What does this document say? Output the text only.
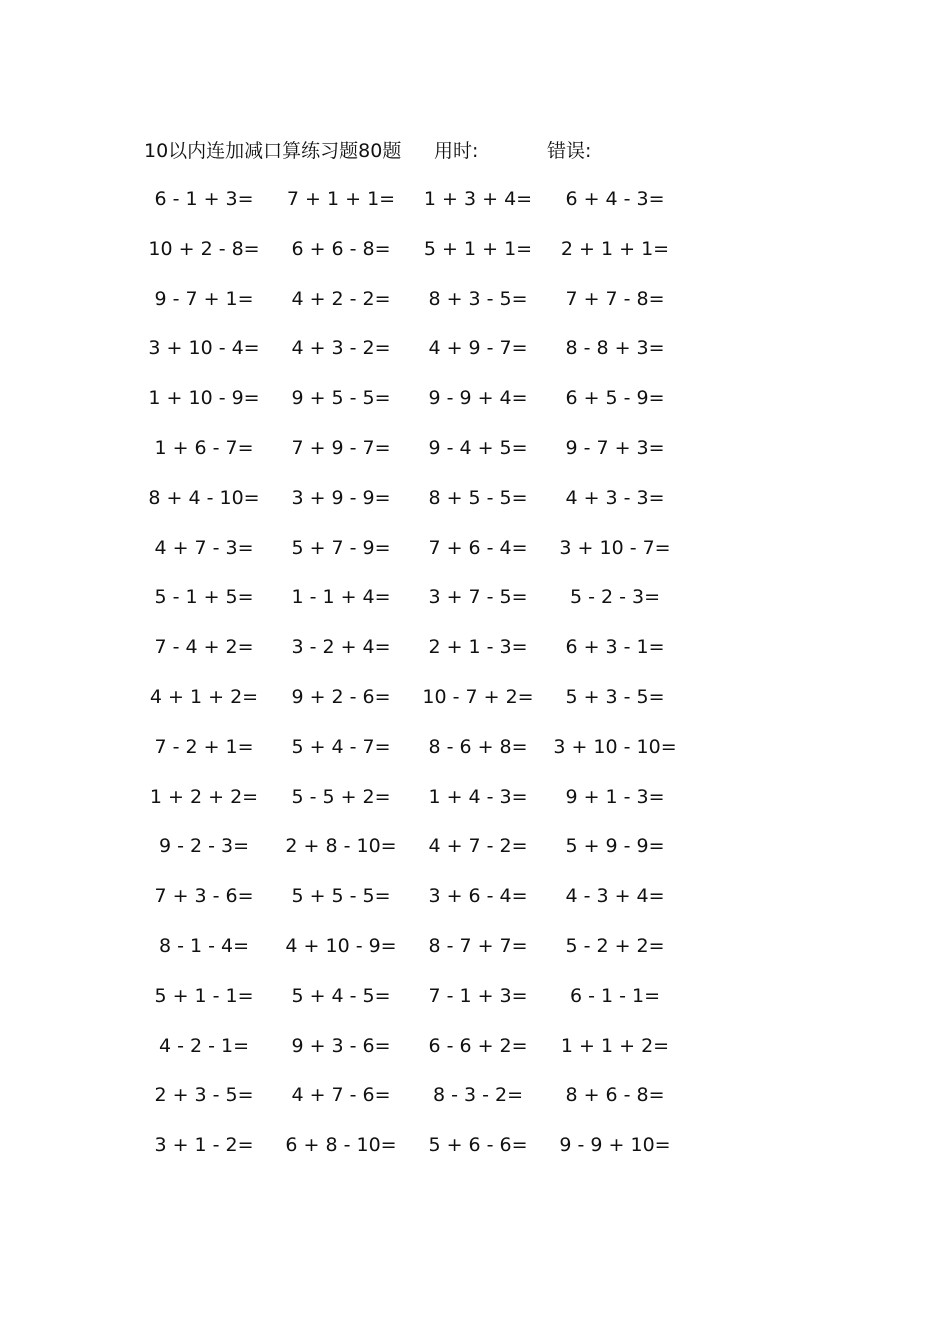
10以内连加减口算练习题80题 用时:	错误:
6 - 1 + 3=	7 + 1 + 1=	1 + 3 + 4=	6 + 4 - 3=
10 + 2 - 8=	6 + 6 - 8=	5 + 1 + 1=	2 + 1 + 1=
9 - 7 + 1=	4 + 2 - 2=	8 + 3 - 5=	7 + 7 - 8=
3 + 10 - 4=	4 + 3 - 2=	4 + 9 - 7=	8 - 8 + 3=
1 + 10 - 9=	9 + 5 - 5=	9 - 9 + 4=	6 + 5 - 9=
1 + 6 - 7=	7 + 9 - 7=	9 - 4 + 5=	9 - 7 + 3=
8 + 4 - 10=	3 + 9 - 9=	8 + 5 - 5=	4 + 3 - 3=
4 + 7 - 3=	5 + 7 - 9=	7 + 6 - 4=	3 + 10 - 7=
5 - 1 + 5=	1 - 1 + 4=	3 + 7 - 5=	5 - 2 - 3=
7 - 4 + 2=	3 - 2 + 4=	2 + 1 - 3=	6 + 3 - 1=
4 + 1 + 2=	9 + 2 - 6=	10 - 7 + 2=	5 + 3 - 5=
7 - 2 + 1=	5 + 4 - 7=	8 - 6 + 8=	3 + 10 - 10=
1 + 2 + 2=	5 - 5 + 2=	1 + 4 - 3=	9 + 1 - 3=
9 - 2 - 3=	2 + 8 - 10=	4 + 7 - 2=	5 + 9 - 9=
7 + 3 - 6=	5 + 5 - 5=	3 + 6 - 4=	4 - 3 + 4=
8 - 1 - 4=	4 + 10 - 9=	8 - 7 + 7=	5 - 2 + 2=
5 + 1 - 1=	5 + 4 - 5=	7 - 1 + 3=	6 - 1 - 1=
4 - 2 - 1=	9 + 3 - 6=	6 - 6 + 2=	1 + 1 + 2=
2 + 3 - 5=	4 + 7 - 6=	8 - 3 - 2=	8 + 6 - 8=
3 + 1 - 2=	6 + 8 - 10=	5 + 6 - 6=	9 - 9 + 10=
